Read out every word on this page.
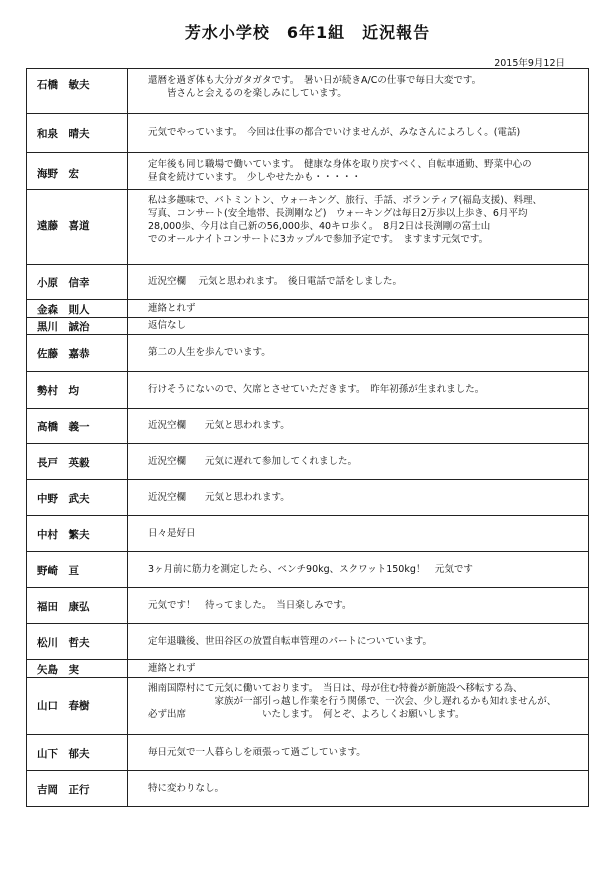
芳水小学校　6年1組　近況報告
2015年9月12日
石橋　敏夫	還暦を過ぎ体も大分ガタガタです。　暑い日が続きA/Cの仕事で毎日大変です。
　　皆さんと会えるのを楽しみにしています。

和泉　晴夫	元気でやっています。　今回は仕事の都合でいけませんが、みなさんによろしく。(電話)

海野　宏	定年後も同じ職場で働いています。　健康な身体を取り戻すべく、自転車通勤、野菜中心の
昼食を続けています。　少しやせたかも・・・・・

遠藤　喜道	私は多趣味で、バトミントン、ウォーキング、旅行、手話、ボランティア(福島支援)、料理、
写真、コンサート(安全地帯、長渕剛など)　ウォーキングは毎日2万歩以上歩き、6月平均
28,000歩、今月は自己新の56,000歩、40キロ歩く。　8月2日は長渕剛の富士山
でのオールナイトコンサートに3カップルで参加予定です。　ますます元気です。

小原　信幸	近況空欄　 元気と思われます。　後日電話で話をしました。

金森　則人	連絡とれず

黒川　誠治	返信なし

佐藤　嘉恭	第二の人生を歩んでいます。

勢村　均	行けそうにないので、欠席とさせていただきます。　昨年初孫が生まれました。

高橋　義一	近況空欄　　元気と思われます。

長戸　英毅	近況空欄　　元気に遅れて参加してくれました。

中野　武夫	近況空欄　　元気と思われます。

中村　繁夫	日々是好日

野崎　亘	3ヶ月前に筋力を測定したら、ベンチ90kg、スクワット150kg！　元気です

福田　康弘	元気です！　待ってました。　当日楽しみです。

松川　哲夫	定年退職後、世田谷区の放置自転車管理のパートについています。

矢島　実	連絡とれず

山口　春樹	湘南国際村にて元気に働いております。　当日は、母が住む特養が新施設へ移転する為、
　　　　　　　家族が一部引っ越し作業を行う関係で、一次会、少し遅れるかも知れませんが、
必ず出席　　　　　　　　いたします。　何とぞ、よろしくお願いします。

山下　郁夫	毎日元気で一人暮らしを頑張って過ごしています。

吉岡　正行	特に変わりなし。
